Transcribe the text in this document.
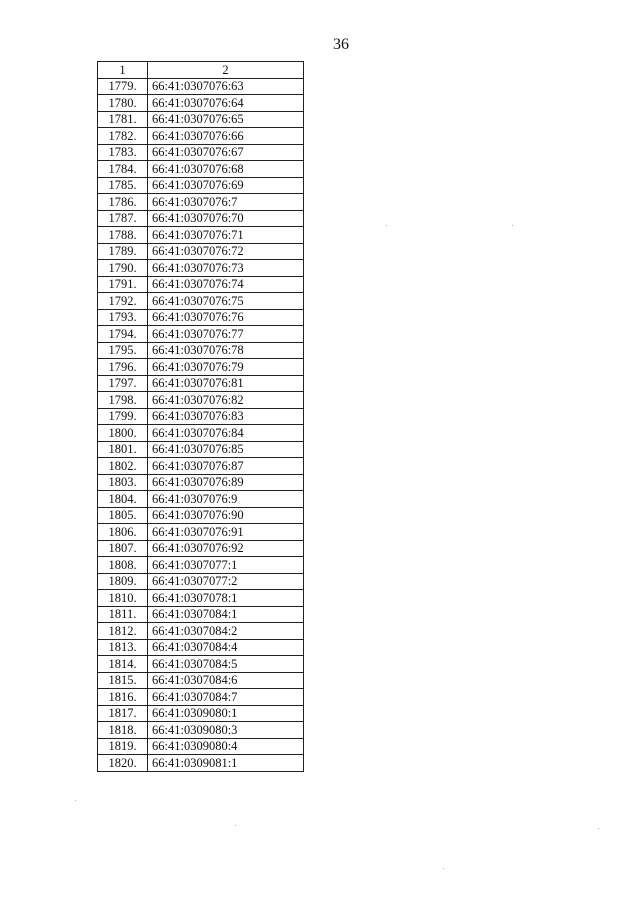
36
1	2
1779.	66:41:0307076:63
1780.	66:41:0307076:64
1781.	66:41:0307076:65
1782.	66:41:0307076:66
1783.	66:41:0307076:67
1784.	66:41:0307076:68
1785.	66:41:0307076:69
1786.	66:41:0307076:7
1787.	66:41:0307076:70
1788.	66:41:0307076:71
1789.	66:41:0307076:72
1790.	66:41:0307076:73
1791.	66:41:0307076:74
1792.	66:41:0307076:75
1793.	66:41:0307076:76
1794.	66:41:0307076:77
1795.	66:41:0307076:78
1796.	66:41:0307076:79
1797.	66:41:0307076:81
1798.	66:41:0307076:82
1799.	66:41:0307076:83
1800.	66:41:0307076:84
1801.	66:41:0307076:85
1802.	66:41:0307076:87
1803.	66:41:0307076:89
1804.	66:41:0307076:9
1805.	66:41:0307076:90
1806.	66:41:0307076:91
1807.	66:41:0307076:92
1808.	66:41:0307077:1
1809.	66:41:0307077:2
1810.	66:41:0307078:1
1811.	66:41:0307084:1
1812.	66:41:0307084:2
1813.	66:41:0307084:4
1814.	66:41:0307084:5
1815.	66:41:0307084:6
1816.	66:41:0307084:7
1817.	66:41:0309080:1
1818.	66:41:0309080:3
1819.	66:41:0309080:4
1820.	66:41:0309081:1
